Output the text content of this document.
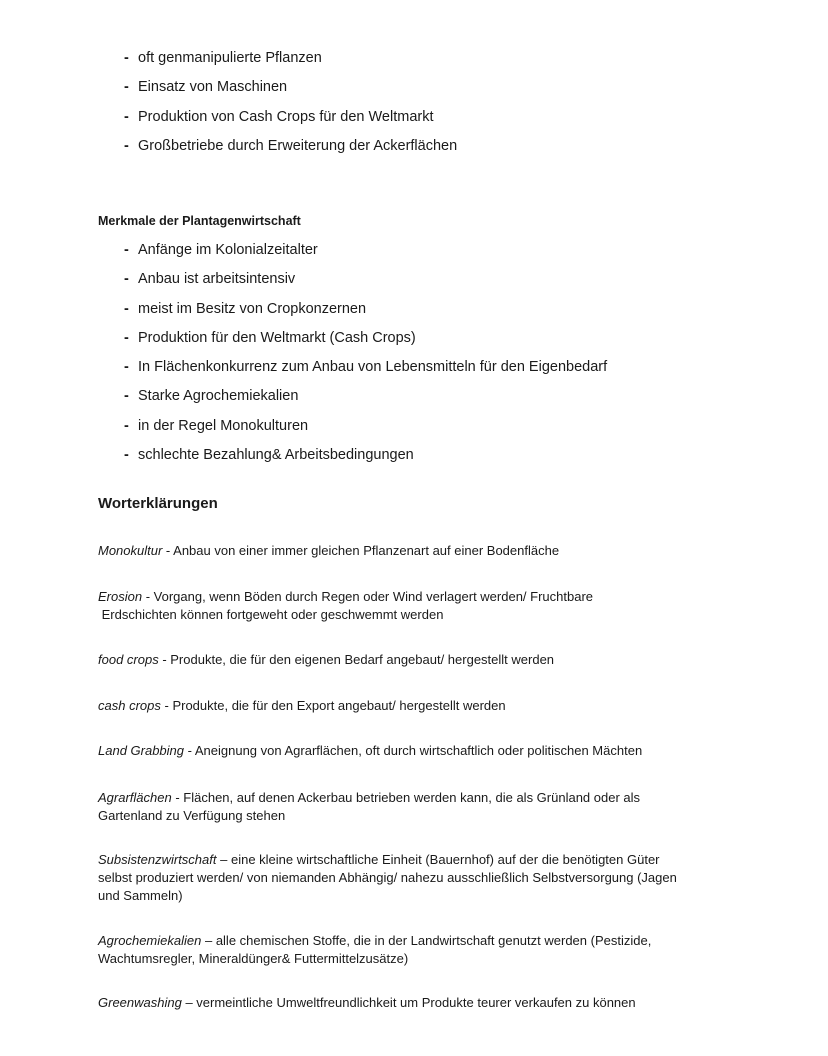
- oft genmanipulierte Pflanzen
- Einsatz von Maschinen
- Produktion von Cash Crops für den Weltmarkt
- Großbetriebe durch Erweiterung der Ackerflächen
Merkmale der Plantagenwirtschaft
- Anfänge im Kolonialzeitalter
- Anbau ist arbeitsintensiv
- meist im Besitz von Cropkonzernen
- Produktion für den Weltmarkt (Cash Crops)
- In Flächenkonkurrenz zum Anbau von Lebensmitteln für den Eigenbedarf
- Starke Agrochemiekalien
- in der Regel Monokulturen
- schlechte Bezahlung& Arbeitsbedingungen
Worterklärungen

Monokultur - Anbau von einer immer gleichen Pflanzenart auf einer Bodenfläche

Erosion - Vorgang, wenn Böden durch Regen oder Wind verlagert werden/ Fruchtbare
Erdschichten können fortgeweht oder geschwemmt werden

food crops - Produkte, die für den eigenen Bedarf angebaut/ hergestellt werden

cash crops - Produkte, die für den Export angebaut/ hergestellt werden

Land Grabbing - Aneignung von Agrarflächen, oft durch wirtschaftlich oder politischen Mächten

Agrarflächen - Flächen, auf denen Ackerbau betrieben werden kann, die als Grünland oder als
Gartenland zu Verfügung stehen

Subsistenzwirtschaft – eine kleine wirtschaftliche Einheit (Bauernhof) auf der die benötigten Güter
selbst produziert werden/ von niemanden Abhängig/ nahezu ausschließlich Selbstversorgung (Jagen
und Sammeln)

Agrochemiekalien – alle chemischen Stoffe, die in der Landwirtschaft genutzt werden (Pestizide,
Wachtumsregler, Mineraldünger& Futtermittelzusätze)

Greenwashing – vermeintliche Umweltfreundlichkeit um Produkte teurer verkaufen zu können
